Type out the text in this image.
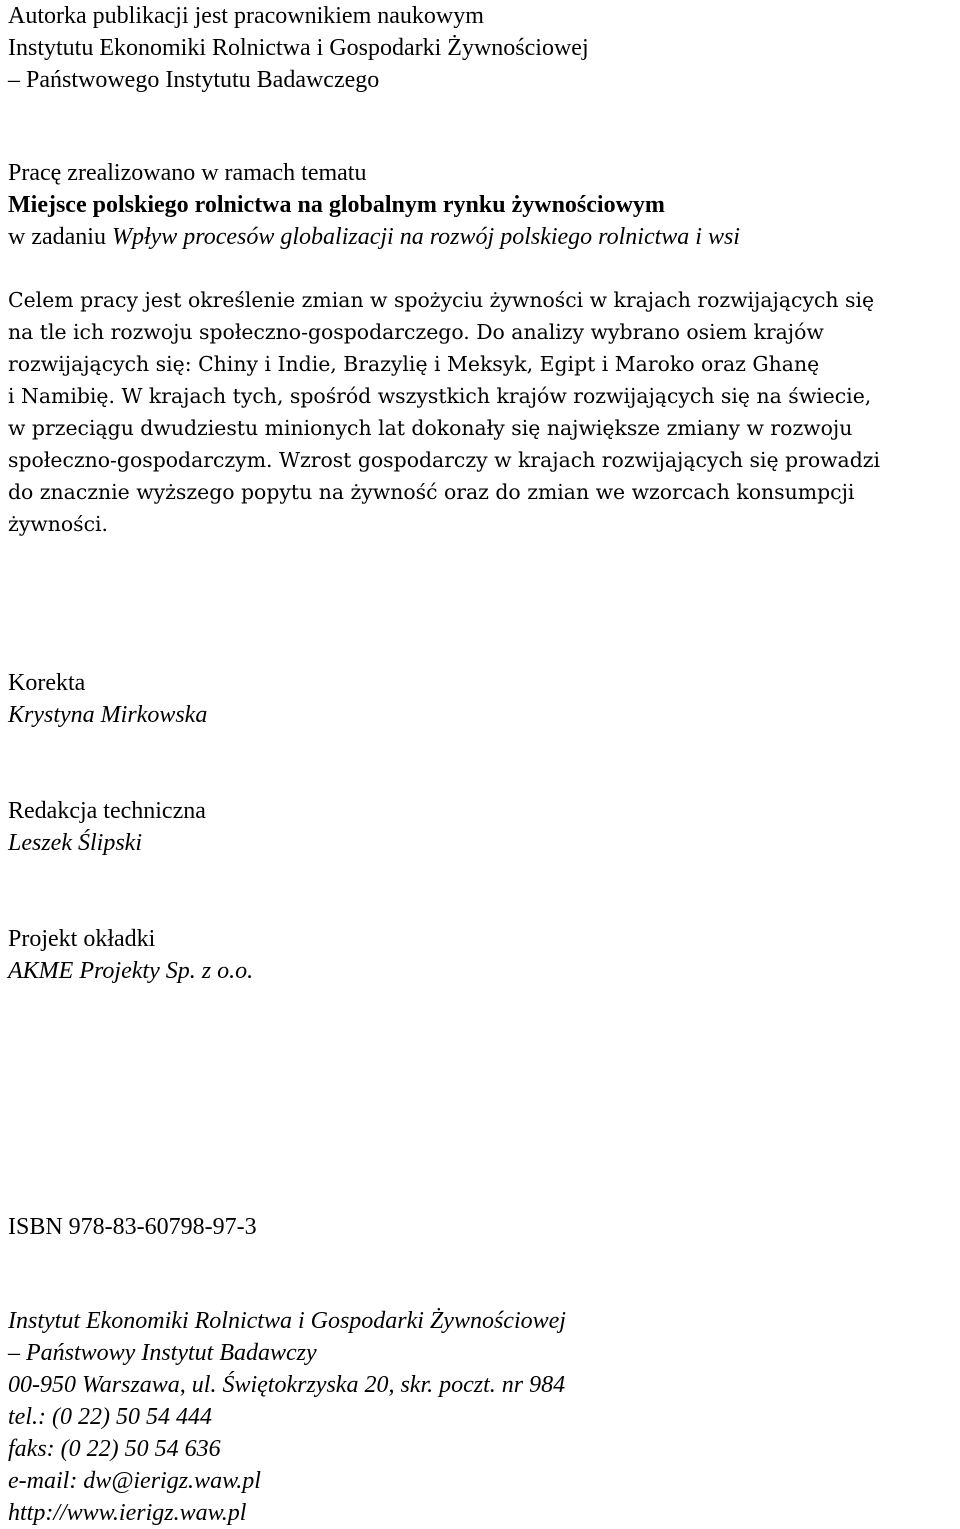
Autorka publikacji jest pracownikiem naukowym
Instytutu Ekonomiki Rolnictwa i Gospodarki Żywnościowej
– Państwowego Instytutu Badawczego
Pracę zrealizowano w ramach tematu
Miejsce polskiego rolnictwa na globalnym rynku żywnościowym
w zadaniu Wpływ procesów globalizacji na rozwój polskiego rolnictwa i wsi
Celem pracy jest określenie zmian w spożyciu żywności w krajach rozwijających się
na tle ich rozwoju społeczno-gospodarczego. Do analizy wybrano osiem krajów
rozwijających się: Chiny i Indie, Brazylię i Meksyk, Egipt i Maroko oraz Ghanę
i Namibię. W krajach tych, spośród wszystkich krajów rozwijających się na świecie,
w przeciągu dwudziestu minionych lat dokonały się największe zmiany w rozwoju
społeczno-gospodarczym. Wzrost gospodarczy w krajach rozwijających się prowadzi
do znacznie wyższego popytu na żywność oraz do zmian we wzorcach konsumpcji
żywności.
Korekta
Krystyna Mirkowska
Redakcja techniczna
Leszek Ślipski
Projekt okładki
AKME Projekty Sp. z o.o.
ISBN 978-83-60798-97-3
Instytut Ekonomiki Rolnictwa i Gospodarki Żywnościowej
– Państwowy Instytut Badawczy
00-950 Warszawa, ul. Świętokrzyska 20, skr. poczt. nr 984
tel.: (0 22) 50 54 444
faks: (0 22) 50 54 636
e-mail: dw@ierigz.waw.pl
http://www.ierigz.waw.pl
